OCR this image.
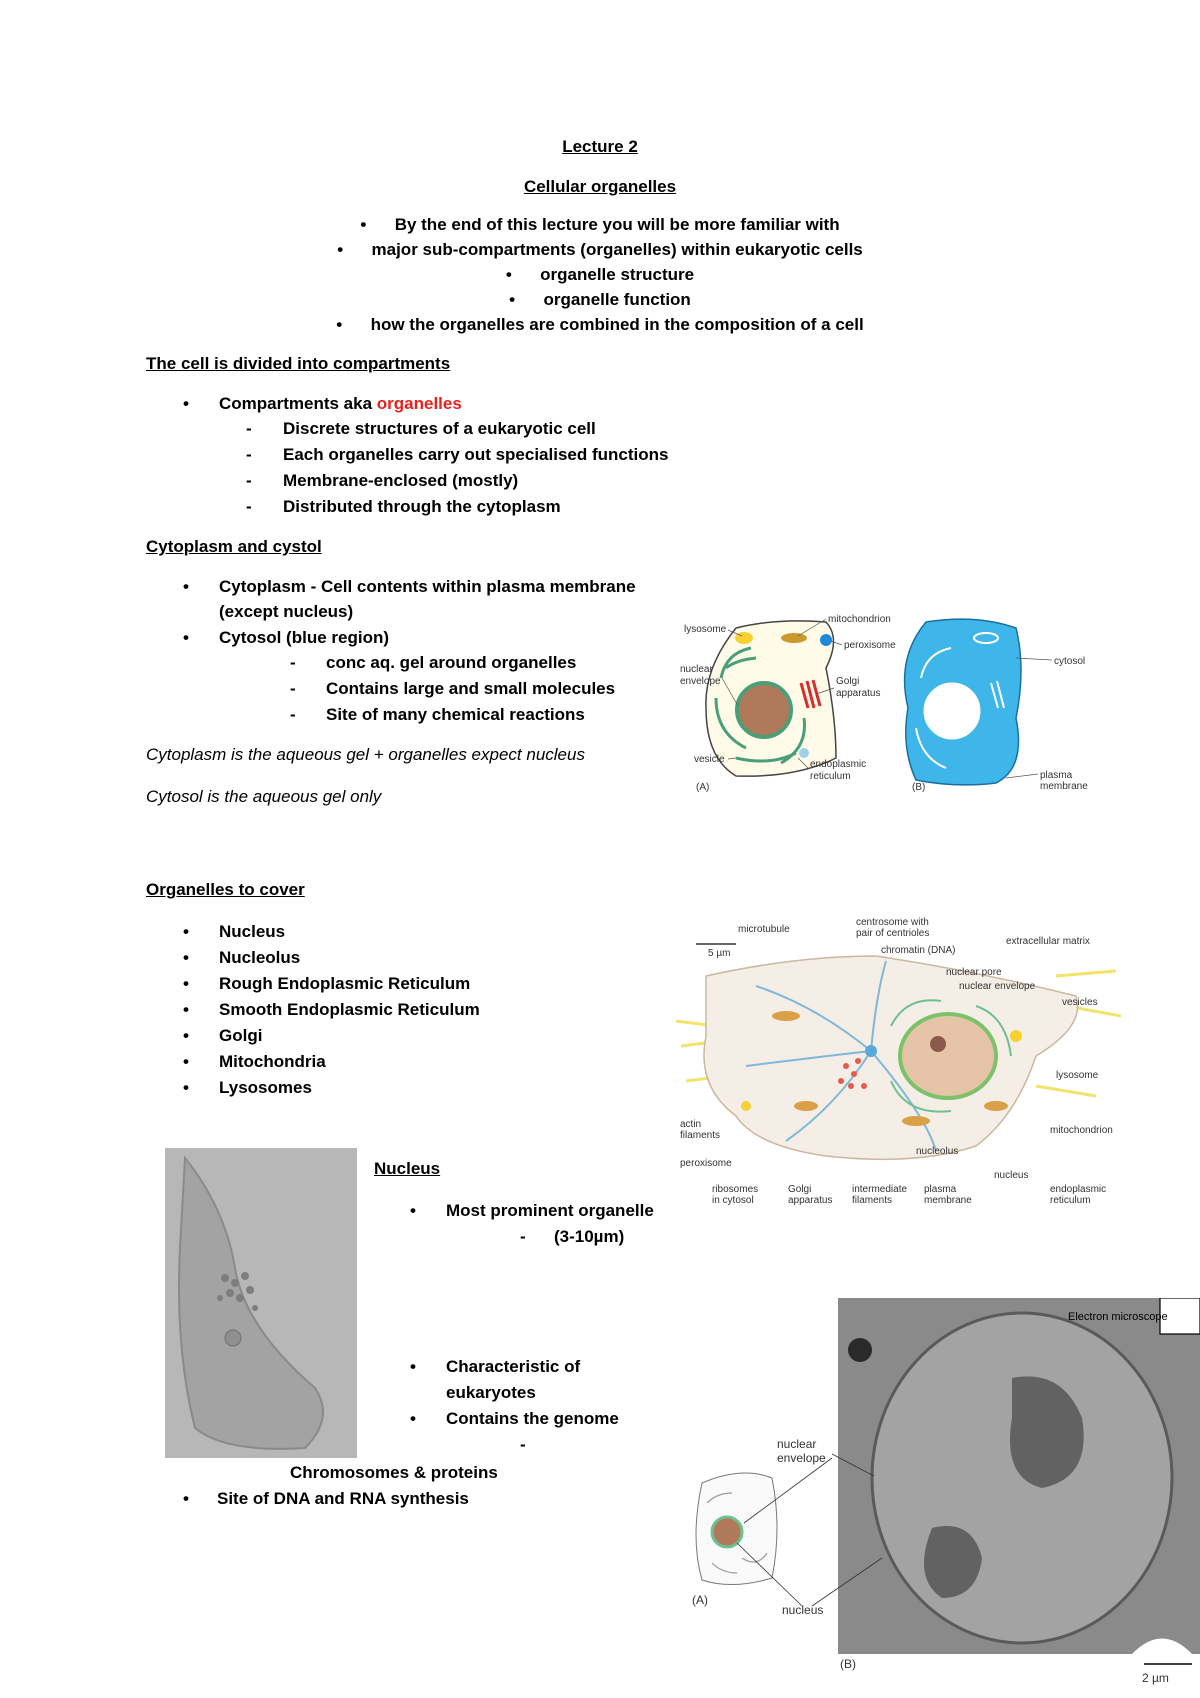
Lecture 2
Cellular organelles
•      By the end of this lecture you will be more familiar with
•      major sub-compartments (organelles) within eukaryotic cells
•      organelle structure
•      organelle function
•      how the organelles are combined in the composition of a cell
The cell is divided into compartments
• Compartments aka organelles
- Discrete structures of a eukaryotic cell
- Each organelles carry out specialised functions
- Membrane-enclosed (mostly)
- Distributed through the cytoplasm
Cytoplasm and cystol
• Cytoplasm - Cell contents within plasma membrane
(except nucleus)
• Cytosol (blue region)
- conc aq. gel around organelles
- Contains large and small molecules
- Site of many chemical reactions
Cytoplasm is the aqueous gel + organelles expect nucleus
Cytosol is the aqueous gel only
lysosome
mitochondrion
peroxisome
nuclear
envelope	Golgi
apparatus
vesicle	endoplasmic
reticulum
(A)	(B)
cytosol
plasma
membrane
Organelles to cover
• Nucleus
• Nucleolus
• Rough Endoplasmic Reticulum
• Smooth Endoplasmic Reticulum
• Golgi
• Mitochondria
• Lysosomes
microtubule
centrosome with
pair of centrioles
chromatin (DNA)
extracellular matrix
5 µm
nuclear pore
nuclear envelope
vesicles
lysosome
actin
filaments	mitochondrion
peroxisome
nucleolus
nucleus
ribosomes
in cytosol
Golgi
apparatus
intermediate
filaments
plasma
membrane
endoplasmic
reticulum
Nucleus
• Most prominent organelle
- (3-10µm)
• Characteristic of
eukaryotes
• Contains the genome
-
Chromosomes & proteins
• Site of DNA and RNA synthesis
Electron microscope
nuclear
envelope
nucleus
(A)
(B)
2 µm
